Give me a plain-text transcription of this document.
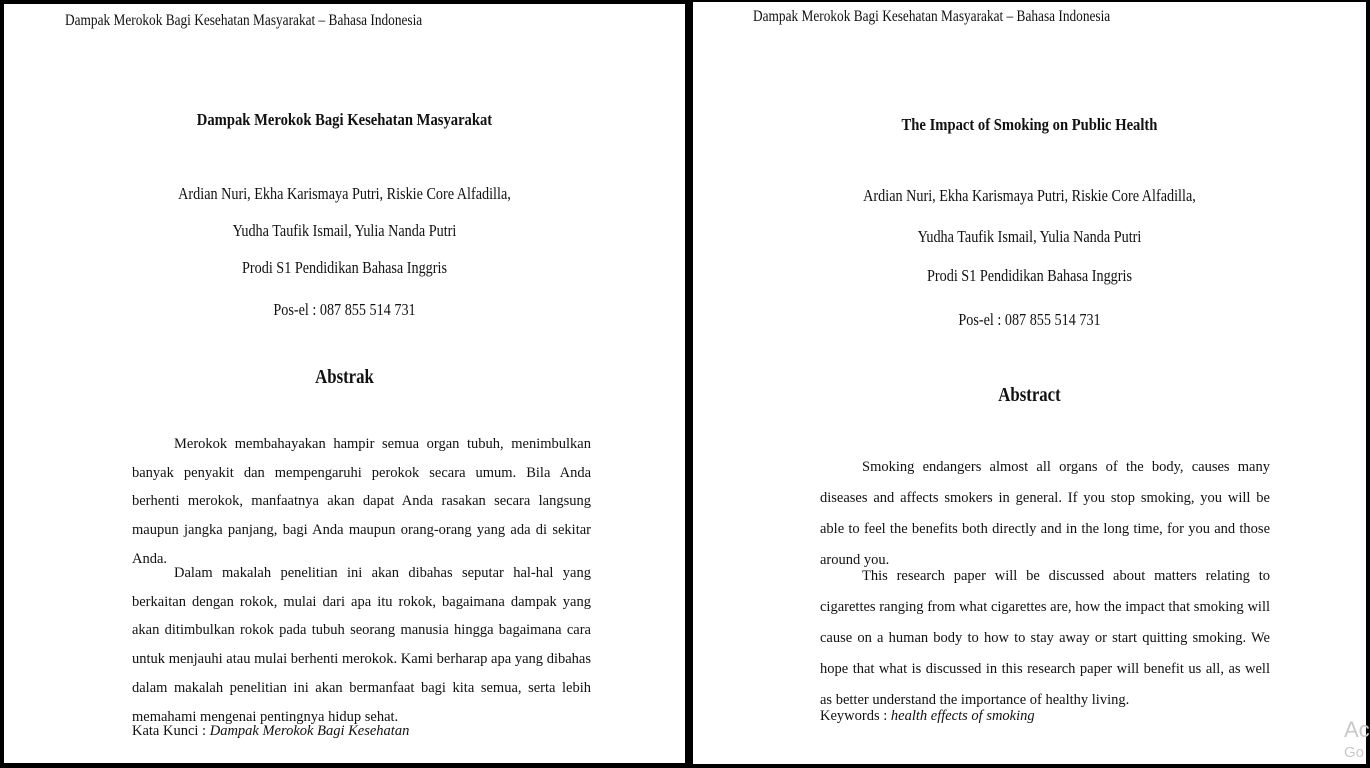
Dampak Merokok Bagi Kesehatan Masyarakat – Bahasa Indonesia
Dampak Merokok Bagi Kesehatan Masyarakat
Ardian Nuri, Ekha Karismaya Putri, Riskie Core Alfadilla,
Yudha Taufik Ismail, Yulia Nanda Putri
Prodi S1 Pendidikan Bahasa Inggris
Pos-el : 087 855 514 731
Abstrak
Merokok membahayakan hampir semua organ tubuh, menimbulkan banyak penyakit dan mempengaruhi perokok secara umum. Bila Anda berhenti merokok, manfaatnya akan dapat Anda rasakan secara langsung maupun jangka panjang, bagi Anda maupun orang-orang yang ada di sekitar Anda.
Dalam makalah penelitian ini akan dibahas seputar hal-hal yang berkaitan dengan rokok, mulai dari apa itu rokok, bagaimana dampak yang akan ditimbulkan rokok pada tubuh seorang manusia hingga bagaimana cara untuk menjauhi atau mulai berhenti merokok. Kami berharap apa yang dibahas dalam makalah penelitian ini akan bermanfaat bagi kita semua, serta lebih memahami mengenai pentingnya hidup sehat.
Kata Kunci : Dampak Merokok Bagi Kesehatan
Dampak Merokok Bagi Kesehatan Masyarakat – Bahasa Indonesia
The Impact of Smoking on Public Health
Ardian Nuri, Ekha Karismaya Putri, Riskie Core Alfadilla,
Yudha Taufik Ismail, Yulia Nanda Putri
Prodi S1 Pendidikan Bahasa Inggris
Pos-el : 087 855 514 731
Abstract
Smoking endangers almost all organs of the body, causes many diseases and affects smokers in general. If you stop smoking, you will be able to feel the benefits both directly and in the long time, for you and those around you.
This research paper will be discussed about matters relating to cigarettes ranging from what cigarettes are, how the impact that smoking will cause on a human body to how to stay away or start quitting smoking. We hope that what is discussed in this research paper will benefit us all, as well as better understand the importance of healthy living.
Keywords : health effects of smoking
Ac
Go
